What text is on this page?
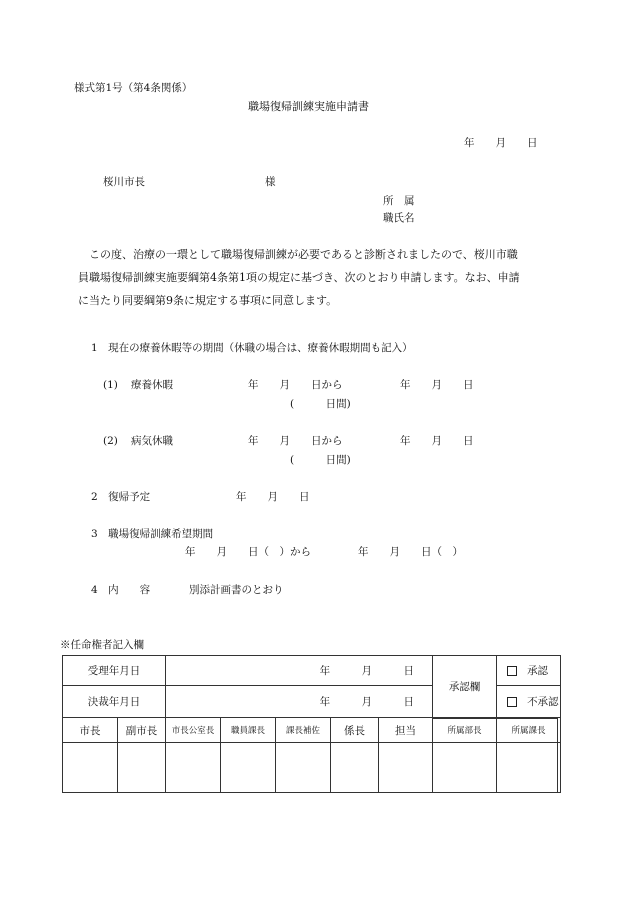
様式第1号（第4条関係）
職場復帰訓練実施申請書
年　　月　　日
桜川市長	様
所　属
職氏名

　この度、治療の一環として職場復帰訓練が必要であると診断されましたので、桜川市職

員職場復帰訓練実施要綱第4条第1項の規定に基づき、次のとおり申請します。なお、申請

に当たり同要綱第9条に規定する事項に同意します。

1　現在の療養休暇等の期間（休職の場合は、療養休暇期間も記入）
(1) 療養休暇	年　　月　　日から	年　　月　　日
(　　　日間)
(2) 病気休職	年　　月　　日から	年　　月　　日
(　　　日間)
2　復帰予定	年　　月　　日
3　職場復帰訓練希望期間
年　　月　　日（　）から	年　　月　　日（　）
4　内　　容	別添計画書のとおり
※任命権者記入欄
受理年月日		年　　　月　　　日					承認欄	承認
決裁年月日		年　　　月　　　日						不承認
市長	副市長	市長公室長	職員課長	課長補佐	係長	担当	所属部長	所属課長
